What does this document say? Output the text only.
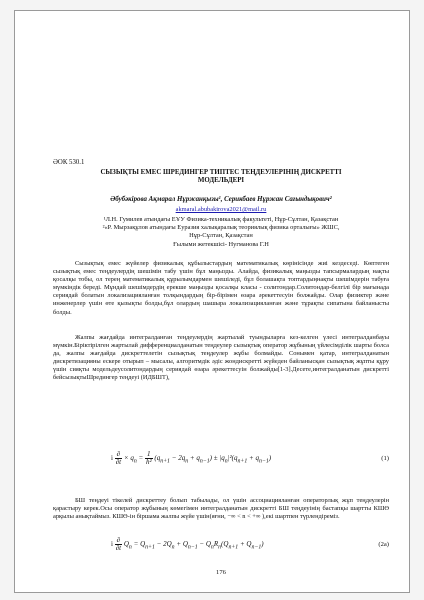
ӘОК 530.1
СЫЗЫҚТЫ ЕМЕС ШРЕДИНГЕР ТИПТЕС ТЕҢДЕУЛЕРІНІҢ ДИСКРЕТТІ
МОДЕЛЬДЕРІ
Әбубәкірова Ақмарал Нұржанқызы¹, Серикбаев Нұржан Сағындықович²
akmaral.abubakirova2021@mail.ru
¹Л.Н. Гумилев атындағы ЕҰУ Физика-техникалық факультеті, Нұр-Сұлтан, Қазақстан
²«Р. Мырзақұлов атындағы Еуразия халықаралық теориялық физика орталығы» ЖШС,
Нұр-Сұлтан, Қазақстан
Ғылыми жетекшісі- Нугманова Г.Н
Сызықтық емес жүйелер физикалық құбылыстардың математикалық көрінісінде жиі кездеседі. Көптеген сызықтық емес теңдеулердің шешімін табу үшін бұл маңызды. Алайда, физикалық маңызды тапсырмалардың нақты қосалқы тобы, ол терең математикалық құрылымдармен шешіледі, бұл болашақта топтардыңнақты шешімдерін табуға мүмкіндік береді. Мұндай шешімдердің ерекше маңызды қосалқы класы - солитондар.Солитондар-белгілі бір мағынада сериядай болатын локализацияланған толқындардың бір-бірімен өзара әрекеттесуін болжайды. Олар физиктер және инженерлер үшін өте қызықты болды,бұл олардың шашыра локализацияланған және тұрақты сипатына байланысты болды.
Жалпы жағдайда интегралданған теңдеулердің жартылай туындыларға кез-келген үлесі интегралданбауы мүмкін.Біріктірілген жартылай дифференциалданатын теңдеулер сызықтық оператор жұбының үйлесімділік шарты болса да, жалпы жағдайда дискреттелетін сызықтық теңдеулер жұбы болмайды. Сонымен қатар, интегралданатын дискретизацияны ескере отырып – мысалы, алгоритмдік әдіс жондискретті жүйеден байланысқан сызықтық жұпты құру үшін сияқты модельдеусолитондардың сериядай өзара әрекеттесуін болжайды[1-3].Десете,интегралданатын дискретті бейсызықтыШредингер теңдеуі (ИДБШТ),
i $\frac{\partial}{\partial t} \times q_n = \frac{1}{\text{h²}} (q_{n+1} - 2q_n + q_{n-1}) \pm |q_n|^2(q_{n+1} + q_{n-1})$	(1)
БШ теңдеуі тікелей дискреттеу болып табылады, ол үшін ассоциацияланған операторлық жұп теңдеулерін қарастыру керек.Осы оператор жұбының көмегімен интегралданатын дискретті БШ теңдеуінің бастапқы шартты КШӨ арқылы анықтаймыз. КШӨ-ін біршама жалпы жүйе үшін(яғни, −∞ < n < +∞ ),екі шартпен түрлендіреміз.
i $\frac{\partial}{\partial t} Q_n = Q_{n+1} - 2Q_n + Q_{n-1} - Q_nR_n(Q_{n+1} + Q_{n-1})$	(2a)
176
